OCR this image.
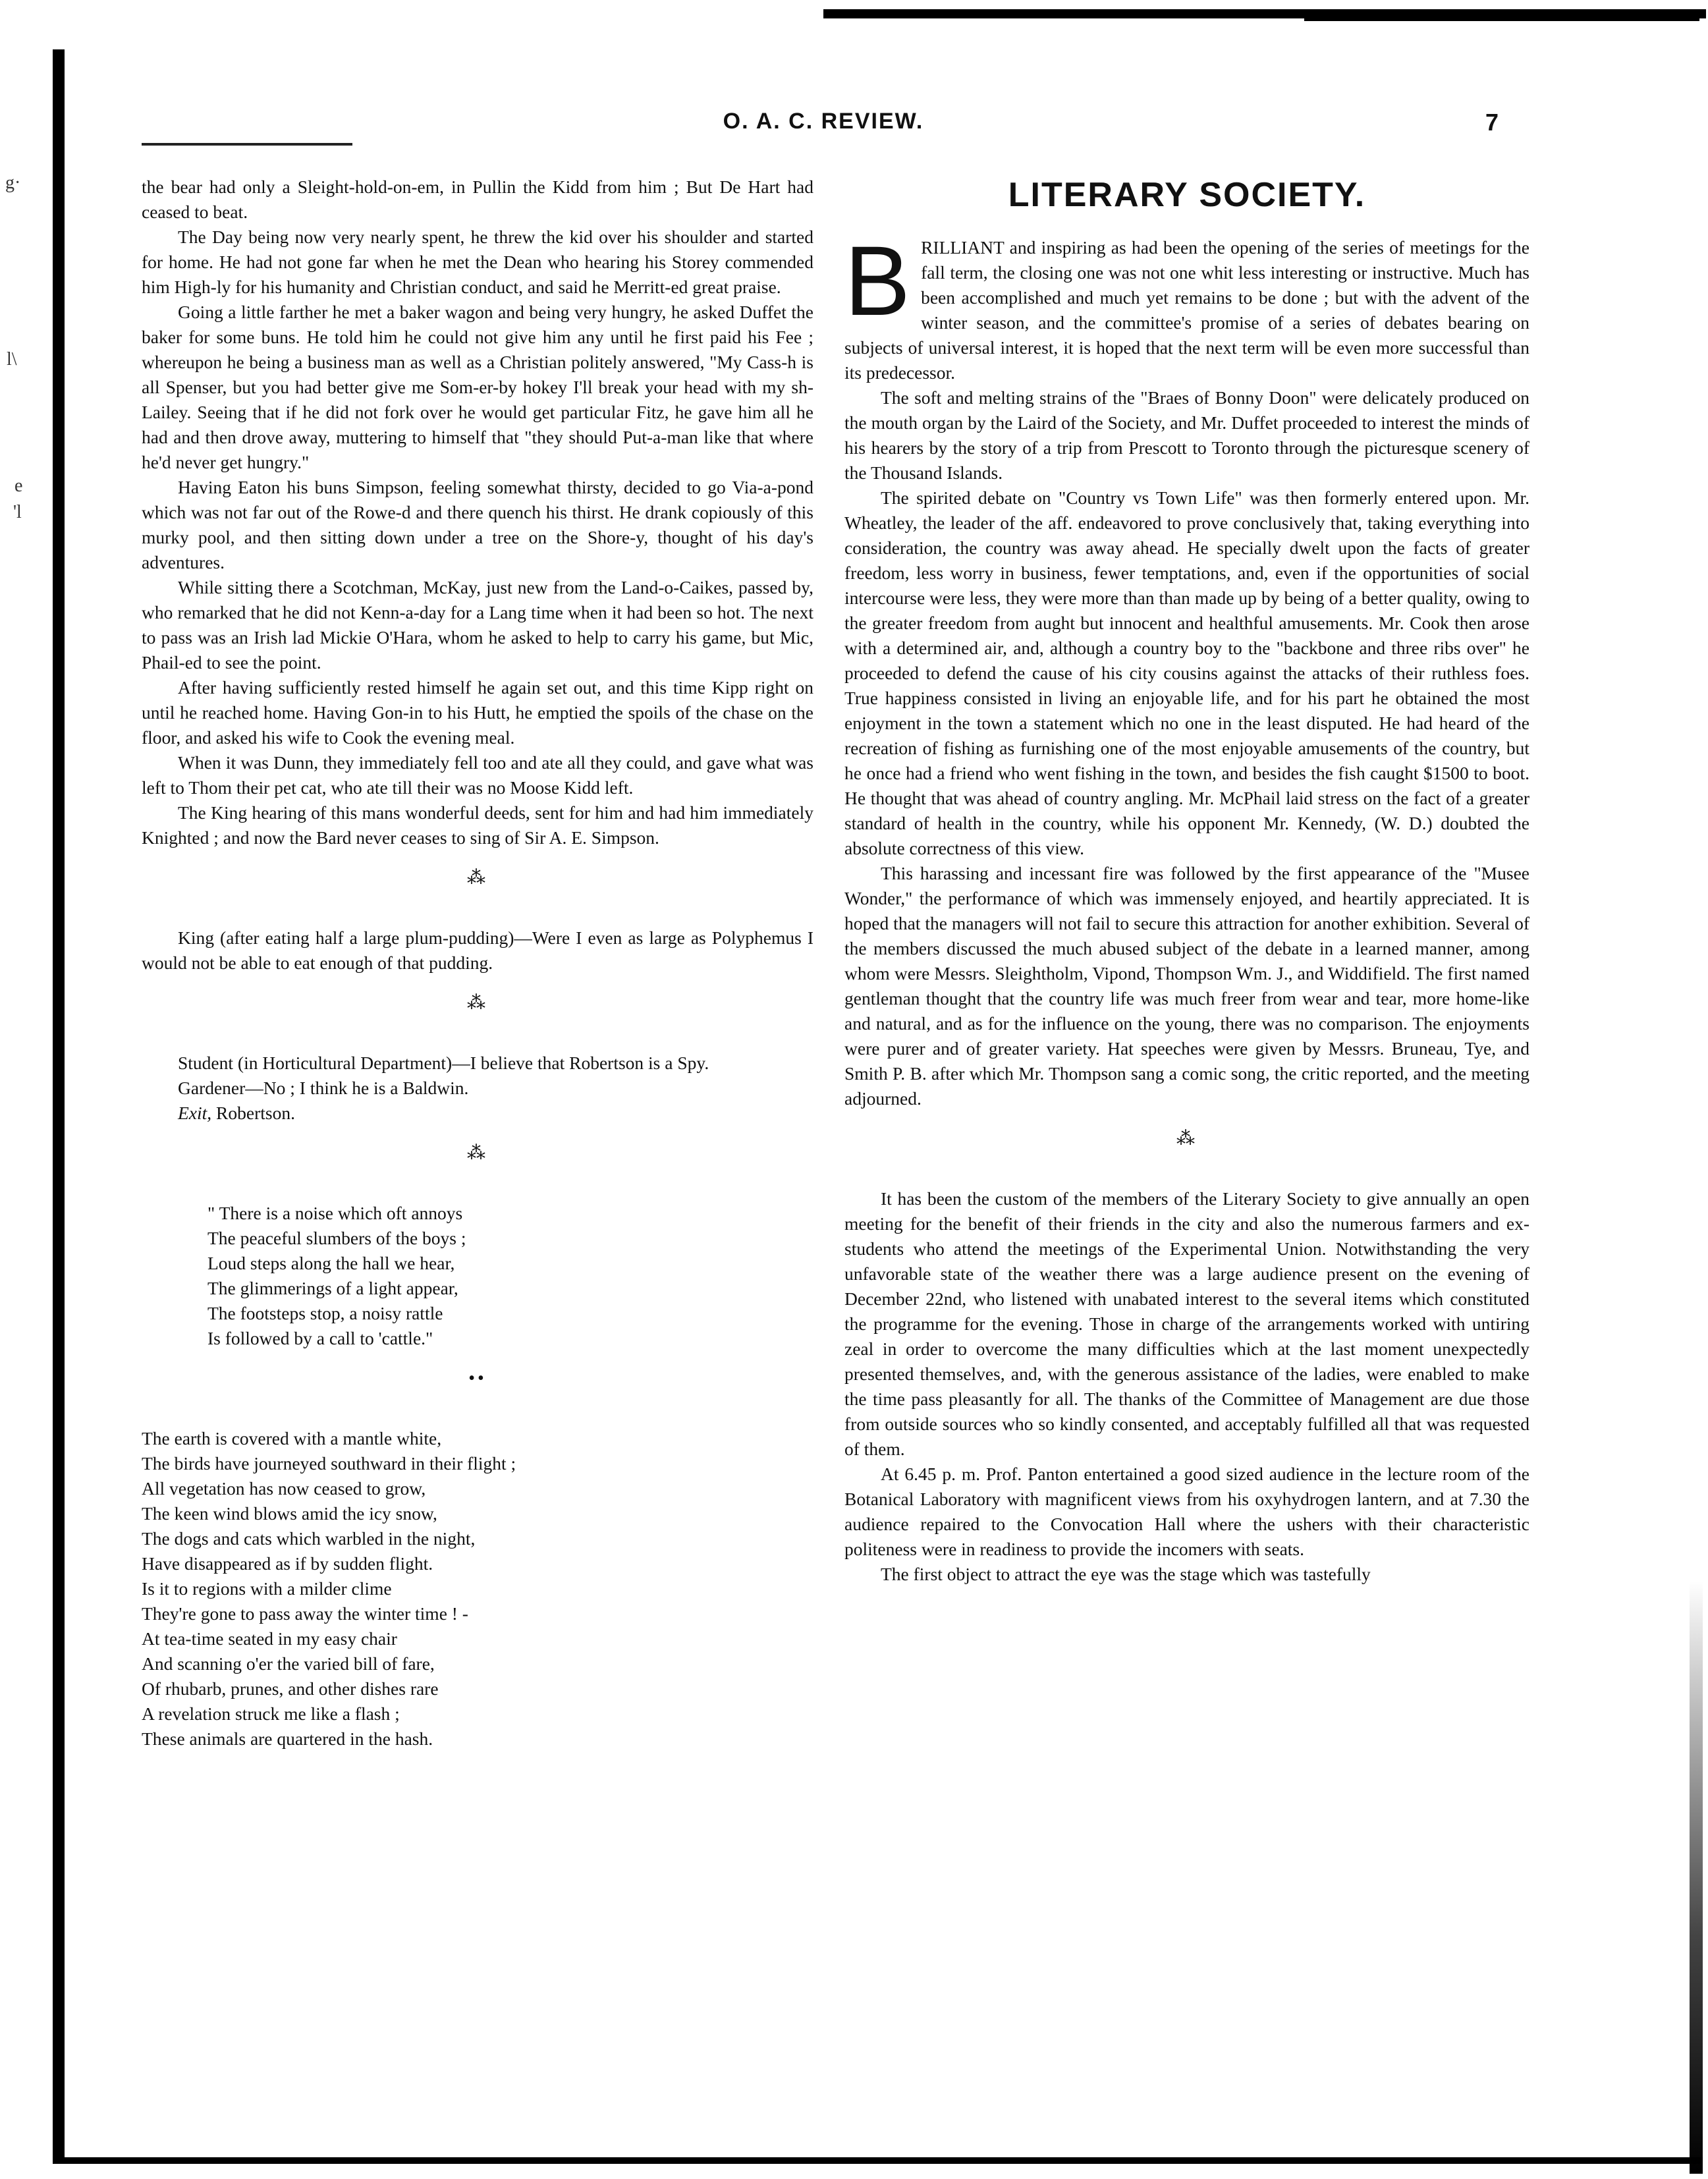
g·
l\
e
'l
O. A. C. REVIEW.	7

the bear had only a Sleight-hold-on-em, in Pullin the Kidd from him ; But De Hart had ceased to beat.

The Day being now very nearly spent, he threw the kid over his shoulder and started for home. He had not gone far when he met the Dean who hearing his Storey commended him High-ly for his humanity and Christian conduct, and said he Merritt-ed great praise.

Going a little farther he met a baker wagon and being very hungry, he asked Duffet the baker for some buns. He told him he could not give him any until he first paid his Fee ; whereupon he being a business man as well as a Christian politely answered, "My Cass-h is all Spenser, but you had better give me Som-er-by hokey I'll break your head with my sh-Lailey. Seeing that if he did not fork over he would get particular Fitz, he gave him all he had and then drove away, muttering to himself that "they should Put-a-man like that where he'd never get hungry."

Having Eaton his buns Simpson, feeling somewhat thirsty, decided to go Via-a-pond which was not far out of the Rowe-d and there quench his thirst. He drank copiously of this murky pool, and then sitting down under a tree on the Shore-y, thought of his day's adventures.

While sitting there a Scotchman, McKay, just new from the Land-o-Caikes, passed by, who remarked that he did not Kenn-a-day for a Lang time when it had been so hot. The next to pass was an Irish lad Mickie O'Hara, whom he asked to help to carry his game, but Mic, Phail-ed to see the point.

After having sufficiently rested himself he again set out, and this time Kipp right on until he reached home. Having Gon-in to his Hutt, he emptied the spoils of the chase on the floor, and asked his wife to Cook the evening meal.

When it was Dunn, they immediately fell too and ate all they could, and gave what was left to Thom their pet cat, who ate till their was no Moose Kidd left.

The King hearing of this mans wonderful deeds, sent for him and had him immediately Knighted ; and now the Bard never ceases to sing of Sir A. E. Simpson.

⁂

King (after eating half a large plum-pudding)—Were I even as large as Polyphemus I would not be able to eat enough of that pudding.

⁂

Student (in Horticultural Department)—I believe that Robertson is a Spy.

Gardener—No ; I think he is a Baldwin.

Exit, Robertson.

⁂

" There is a noise which oft annoys

The peaceful slumbers of the boys ;

Loud steps along the hall we hear,

The glimmerings of a light appear,

The footsteps stop, a noisy rattle

Is followed by a call to 'cattle."

••

The earth is covered with a mantle white,

The birds have journeyed southward in their flight ;

All vegetation has now ceased to grow,

The keen wind blows amid the icy snow,

The dogs and cats which warbled in the night,

Have disappeared as if by sudden flight.

Is it to regions with a milder clime

They're gone to pass away the winter time ! -

At tea-time seated in my easy chair

And scanning o'er the varied bill of fare,

Of rhubarb, prunes, and other dishes rare

A revelation struck me like a flash ;

These animals are quartered in the hash.

LITERARY SOCIETY.

BRILLIANT and inspiring as had been the opening of the series of meetings for the fall term, the closing one was not one whit less interesting or instructive. Much has been accomplished and much yet remains to be done ; but with the advent of the winter season, and the committee's promise of a series of debates bearing on subjects of universal interest, it is hoped that the next term will be even more successful than its predecessor.

The soft and melting strains of the "Braes of Bonny Doon" were delicately produced on the mouth organ by the Laird of the Society, and Mr. Duffet proceeded to interest the minds of his hearers by the story of a trip from Prescott to Toronto through the picturesque scenery of the Thousand Islands.

The spirited debate on "Country vs Town Life" was then formerly entered upon. Mr. Wheatley, the leader of the aff. endeavored to prove conclusively that, taking everything into consideration, the country was away ahead. He specially dwelt upon the facts of greater freedom, less worry in business, fewer temptations, and, even if the opportunities of social intercourse were less, they were more than than made up by being of a better quality, owing to the greater freedom from aught but innocent and healthful amusements. Mr. Cook then arose with a determined air, and, although a country boy to the "backbone and three ribs over" he proceeded to defend the cause of his city cousins against the attacks of their ruthless foes. True happiness consisted in living an enjoyable life, and for his part he obtained the most enjoyment in the town a statement which no one in the least disputed. He had heard of the recreation of fishing as furnishing one of the most enjoyable amusements of the country, but he once had a friend who went fishing in the town, and besides the fish caught $1500 to boot. He thought that was ahead of country angling. Mr. McPhail laid stress on the fact of a greater standard of health in the country, while his opponent Mr. Kennedy, (W. D.) doubted the absolute correctness of this view.

This harassing and incessant fire was followed by the first appearance of the "Musee Wonder," the performance of which was immensely enjoyed, and heartily appreciated. It is hoped that the managers will not fail to secure this attraction for another exhibition. Several of the members discussed the much abused subject of the debate in a learned manner, among whom were Messrs. Sleightholm, Vipond, Thompson Wm. J., and Widdifield. The first named gentleman thought that the country life was much freer from wear and tear, more home-like and natural, and as for the influence on the young, there was no comparison. The enjoyments were purer and of greater variety. Hat speeches were given by Messrs. Bruneau, Tye, and Smith P. B. after which Mr. Thompson sang a comic song, the critic reported, and the meeting adjourned.

⁂

It has been the custom of the members of the Literary Society to give annually an open meeting for the benefit of their friends in the city and also the numerous farmers and ex-students who attend the meetings of the Experimental Union. Notwithstanding the very unfavorable state of the weather there was a large audience present on the evening of December 22nd, who listened with unabated interest to the several items which constituted the programme for the evening. Those in charge of the arrangements worked with untiring zeal in order to overcome the many difficulties which at the last moment unexpectedly presented themselves, and, with the generous assistance of the ladies, were enabled to make the time pass pleasantly for all. The thanks of the Committee of Management are due those from outside sources who so kindly consented, and acceptably fulfilled all that was requested of them.

At 6.45 p. m. Prof. Panton entertained a good sized audience in the lecture room of the Botanical Laboratory with magnificent views from his oxyhydrogen lantern, and at 7.30 the audience repaired to the Convocation Hall where the ushers with their characteristic politeness were in readiness to provide the incomers with seats.

The first object to attract the eye was the stage which was tastefully
